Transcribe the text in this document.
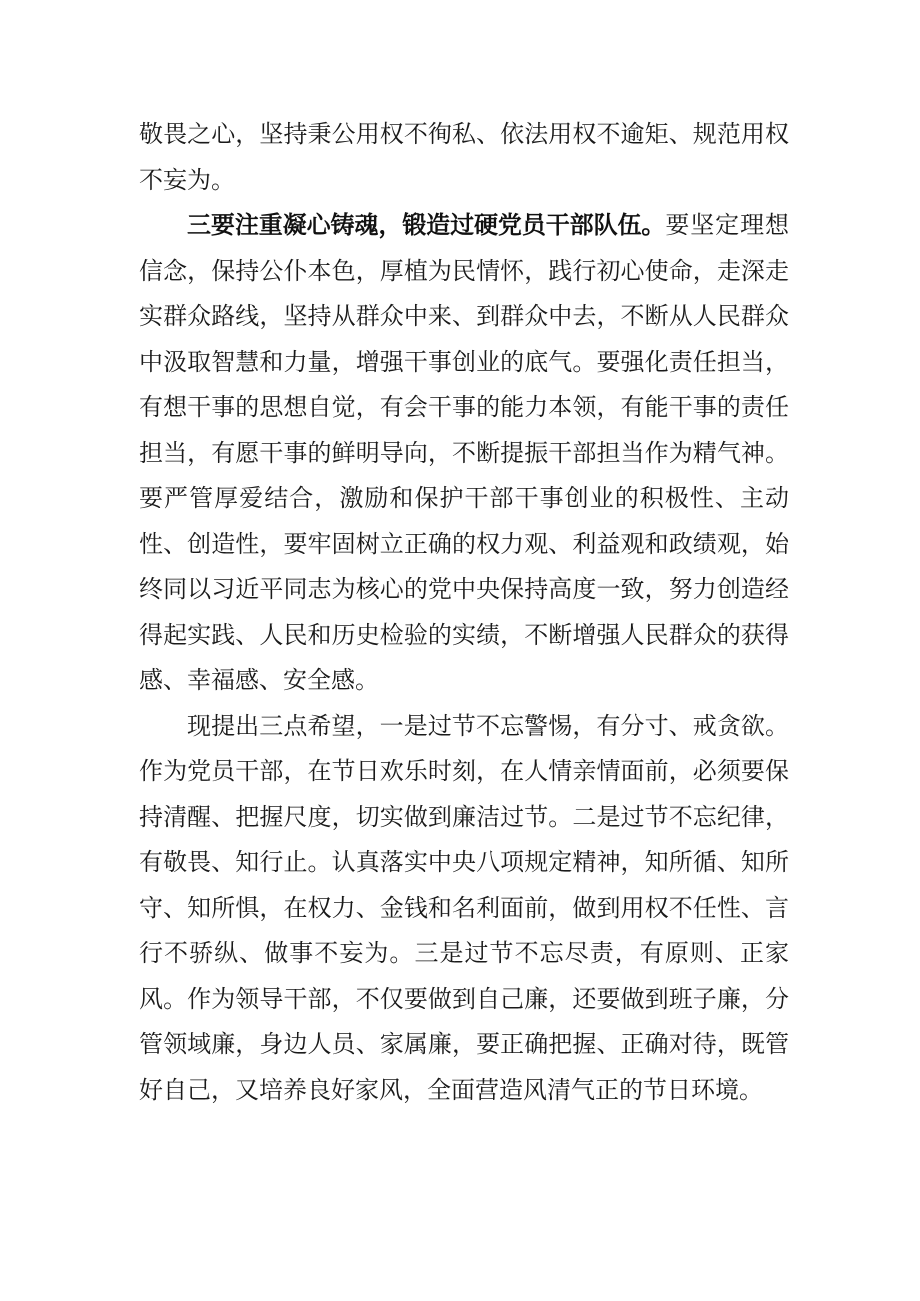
敬畏之心，坚持秉公用权不徇私、依法用权不逾矩、规范用权不妄为。

三要注重凝心铸魂，锻造过硬党员干部队伍。要坚定理想信念，保持公仆本色，厚植为民情怀，践行初心使命，走深走实群众路线，坚持从群众中来、到群众中去，不断从人民群众中汲取智慧和力量，增强干事创业的底气。要强化责任担当，有想干事的思想自觉，有会干事的能力本领，有能干事的责任担当，有愿干事的鲜明导向，不断提振干部担当作为精气神。要严管厚爱结合，激励和保护干部干事创业的积极性、主动性、创造性，要牢固树立正确的权力观、利益观和政绩观，始终同以习近平同志为核心的党中央保持高度一致，努力创造经得起实践、人民和历史检验的实绩，不断增强人民群众的获得感、幸福感、安全感。

现提出三点希望，一是过节不忘警惕，有分寸、戒贪欲。作为党员干部，在节日欢乐时刻，在人情亲情面前，必须要保持清醒、把握尺度，切实做到廉洁过节。二是过节不忘纪律，有敬畏、知行止。认真落实中央八项规定精神，知所循、知所守、知所惧，在权力、金钱和名利面前，做到用权不任性、言行不骄纵、做事不妄为。三是过节不忘尽责，有原则、正家风。作为领导干部，不仅要做到自己廉，还要做到班子廉，分管领域廉，身边人员、家属廉，要正确把握、正确对待，既管好自己，又培养良好家风，全面营造风清气正的节日环境。
